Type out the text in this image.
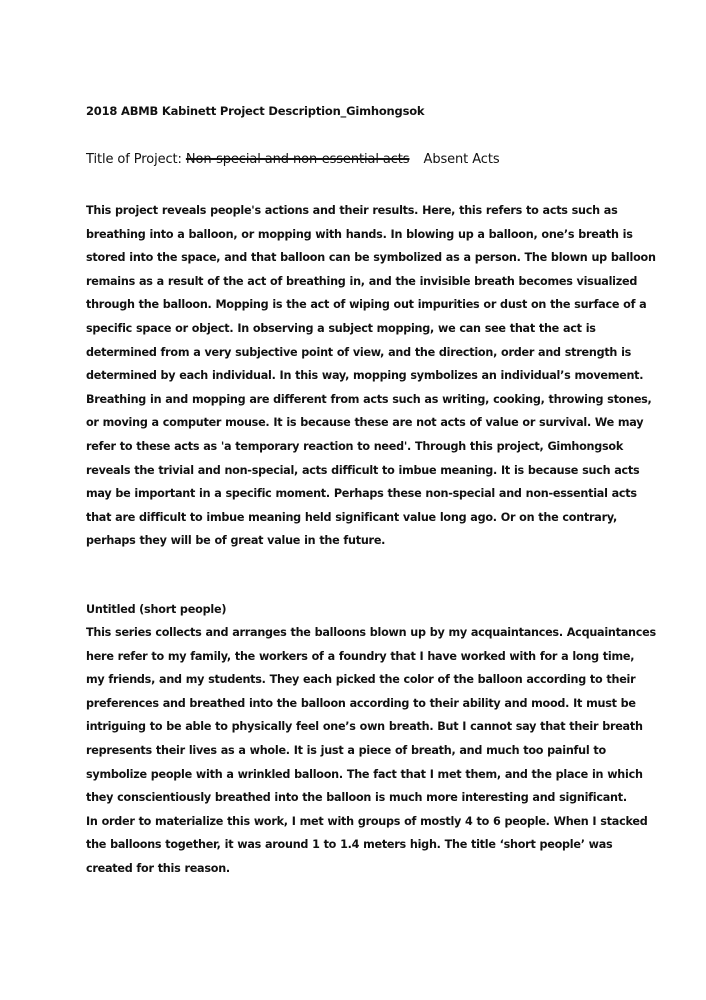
2018 ABMB Kabinett Project Description_Gimhongsok
Title of Project: Non-special and non-essential acts Absent Acts
This project reveals people's actions and their results. Here, this refers to acts such as
breathing into a balloon, or mopping with hands. In blowing up a balloon, one’s breath is
stored into the space, and that balloon can be symbolized as a person. The blown up balloon
remains as a result of the act of breathing in, and the invisible breath becomes visualized
through the balloon. Mopping is the act of wiping out impurities or dust on the surface of a
specific space or object. In observing a subject mopping, we can see that the act is
determined from a very subjective point of view, and the direction, order and strength is
determined by each individual. In this way, mopping symbolizes an individual’s movement.
Breathing in and mopping are different from acts such as writing, cooking, throwing stones,
or moving a computer mouse. It is because these are not acts of value or survival. We may
refer to these acts as 'a temporary reaction to need'. Through this project, Gimhongsok
reveals the trivial and non-special, acts difficult to imbue meaning. It is because such acts
may be important in a specific moment. Perhaps these non-special and non-essential acts
that are difficult to imbue meaning held significant value long ago. Or on the contrary,
perhaps they will be of great value in the future.
Untitled (short people)
This series collects and arranges the balloons blown up by my acquaintances. Acquaintances
here refer to my family, the workers of a foundry that I have worked with for a long time,
my friends, and my students. They each picked the color of the balloon according to their
preferences and breathed into the balloon according to their ability and mood. It must be
intriguing to be able to physically feel one’s own breath. But I cannot say that their breath
represents their lives as a whole. It is just a piece of breath, and much too painful to
symbolize people with a wrinkled balloon. The fact that I met them, and the place in which
they conscientiously breathed into the balloon is much more interesting and significant.
In order to materialize this work, I met with groups of mostly 4 to 6 people. When I stacked
the balloons together, it was around 1 to 1.4 meters high. The title ‘short people’ was
created for this reason.
